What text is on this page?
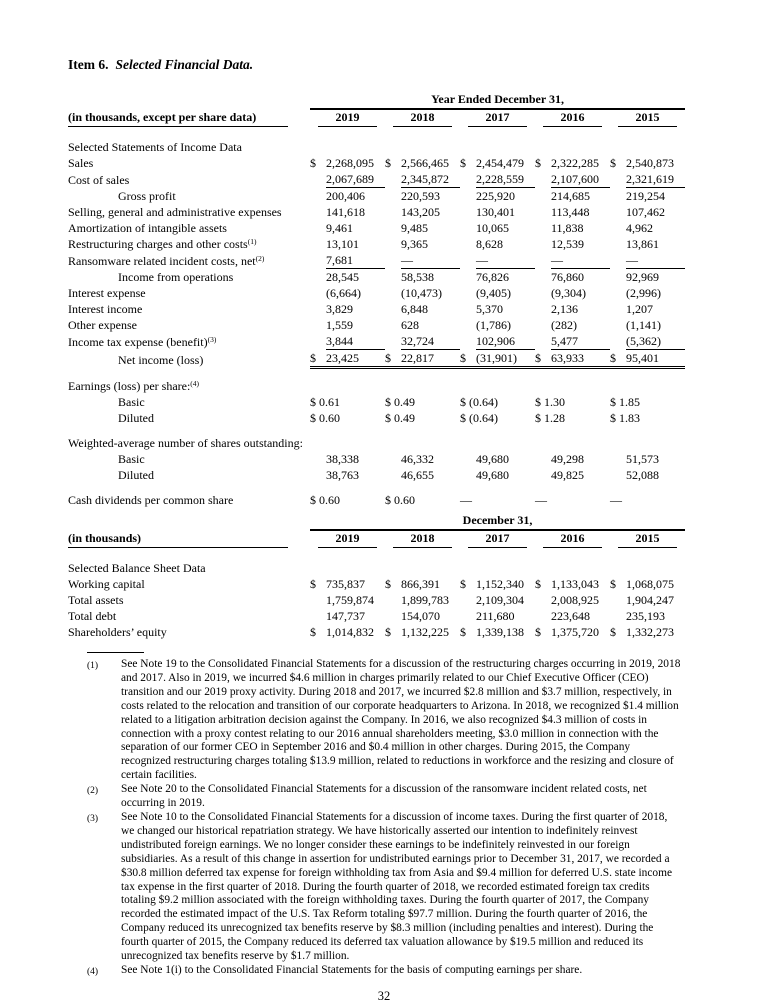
Item 6. Selected Financial Data.

	Year Ended December 31,									

(in thousands, except per share data)	2019		2018		2017		2016		2015	

Selected Statements of Income Data										
Sales	$	2,268,095	$	2,566,465	$	2,454,479	$	2,322,285	$	2,540,873
Cost of sales		2,067,689		2,345,872		2,228,559		2,107,600		2,321,619
Gross profit		200,406		220,593		225,920		214,685		219,254
Selling, general and administrative expenses		141,618		143,205		130,401		113,448		107,462
Amortization of intangible assets		9,461		9,485		10,065		11,838		4,962
Restructuring charges and other costs$^{(1)}$		13,101		9,365		8,628		12,539		13,861
Ransomware related incident costs, net$^{(2)}$		7,681		—		—		—		—
Income from operations		28,545		58,538		76,826		76,860		92,969
Interest expense		(6,664)		(10,473)		(9,405)		(9,304)		(2,996)
Interest income		3,829		6,848		5,370		2,136		1,207
Other expense		1,559		628		(1,786)		(282)		(1,141)
Income tax expense (benefit)$^{(3)}$		3,844		32,724		102,906		5,477		(5,362)
Net income (loss)	$	23,425	$	22,817	$	(31,901)	$	63,933	$	95,401

Earnings (loss) per share:$^{(4)}$	
Basic	$ 0.61		$ 0.49		$ (0.64)		$ 1.30		$ 1.85	
Diluted	$ 0.60		$ 0.49		$ (0.64)		$ 1.28		$ 1.83	

Weighted-average number of shares outstanding:										
Basic		38,338		46,332		49,680		49,298		51,573
Diluted		38,763		46,655		49,680		49,825		52,088

Cash dividends per common share	$ 0.60		$ 0.60		—		—		—	

	December 31,									

(in thousands)	2019		2018		2017		2016		2015	

Selected Balance Sheet Data										
Working capital	$	735,837	$	866,391	$	1,152,340	$	1,133,043	$	1,068,075
Total assets		1,759,874		1,899,783		2,109,304		2,008,925		1,904,247
Total debt		147,737		154,070		211,680		223,648		235,193
Shareholders’ equity	$	1,014,832	$	1,132,225	$	1,339,138	$	1,375,720	$	1,332,273
(1)	See Note 19 to the Consolidated Financial Statements for a discussion of the restructuring charges occurring in 2019, 2018 and 2017. Also in 2019, we incurred $4.6 million in charges primarily related to our Chief Executive Officer (CEO) transition and our 2019 proxy activity. During 2018 and 2017, we incurred $2.8 million and $3.7 million, respectively, in costs related to the relocation and transition of our corporate headquarters to Arizona. In 2018, we recognized $1.4 million related to a litigation arbitration decision against the Company. In 2016, we also recognized $4.3 million of costs in connection with a proxy contest relating to our 2016 annual shareholders meeting, $3.0 million in connection with the separation of our former CEO in September 2016 and $0.4 million in other charges. During 2015, the Company recognized restructuring charges totaling $13.9 million, related to reductions in workforce and the resizing and closure of certain facilities.
(2)	See Note 20 to the Consolidated Financial Statements for a discussion of the ransomware incident related costs, net occurring in 2019.
(3)	See Note 10 to the Consolidated Financial Statements for a discussion of income taxes. During the first quarter of 2018, we changed our historical repatriation strategy. We have historically asserted our intention to indefinitely reinvest undistributed foreign earnings. We no longer consider these earnings to be indefinitely reinvested in our foreign subsidiaries. As a result of this change in assertion for undistributed earnings prior to December 31, 2017, we recorded a $30.8 million deferred tax expense for foreign withholding tax from Asia and $9.4 million for deferred U.S. state income tax expense in the first quarter of 2018. During the fourth quarter of 2018, we recorded estimated foreign tax credits totaling $9.2 million associated with the foreign withholding taxes. During the fourth quarter of 2017, the Company recorded the estimated impact of the U.S. Tax Reform totaling $97.7 million. During the fourth quarter of 2016, the Company reduced its unrecognized tax benefits reserve by $8.3 million (including penalties and interest). During the fourth quarter of 2015, the Company reduced its deferred tax valuation allowance by $19.5 million and reduced its unrecognized tax benefits reserve by $1.7 million.
(4)	See Note 1(i) to the Consolidated Financial Statements for the basis of computing earnings per share.
32
